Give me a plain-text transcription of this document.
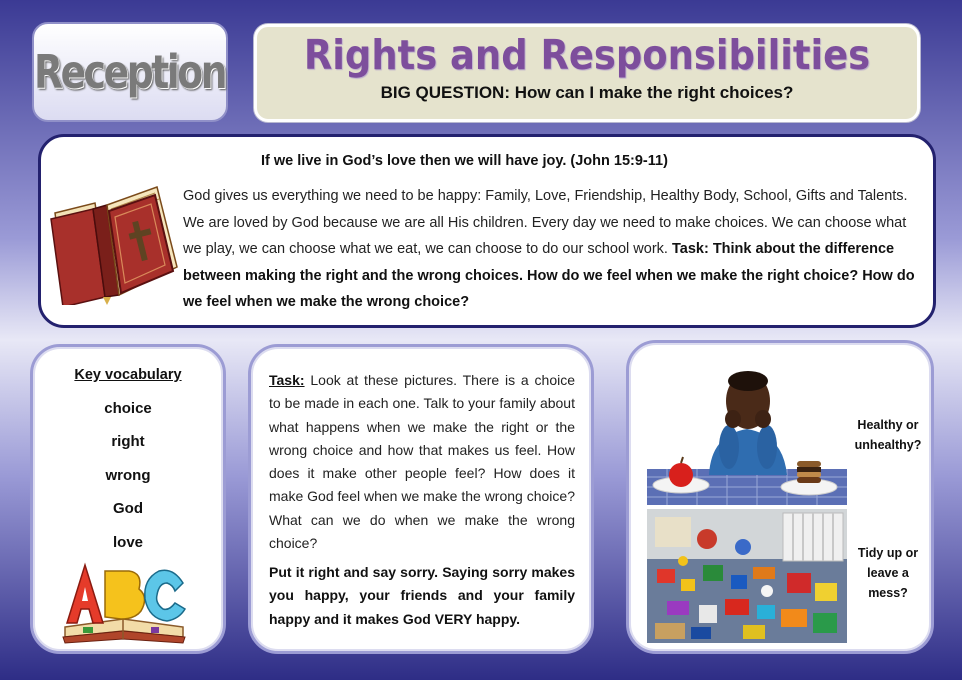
Reception	Rights and Responsibilities

BIG QUESTION: How can I make the right choices?

If we live in God’s love then we will have joy. (John 15:9-11)
God gives us everything we need to be happy: Family, Love, Friendship, Healthy Body, School, Gifts and Talents. We are loved by God because we are all His children. Every day we need to make choices. We can choose what we play, we can choose what we eat, we can choose to do our school work. Task: Think about the difference between making the right and the wrong choices. How do we feel when we make the right choice? How do we feel when we make the wrong choice?
Key vocabulary
choice
right
wrong
God
love
Task: Look at these pictures. There is a choice to be made in each one. Talk to your family about what happens when we make the right or the wrong choice and how that makes us feel. How does it make other people feel? How does it make God feel when we make the wrong choice? What can we do when we make the wrong choice?
Put it right and say sorry. Saying sorry makes you happy, your friends and your family happy and it makes God VERY happy.
Healthy or unhealthy?
Tidy up or leave a mess?
